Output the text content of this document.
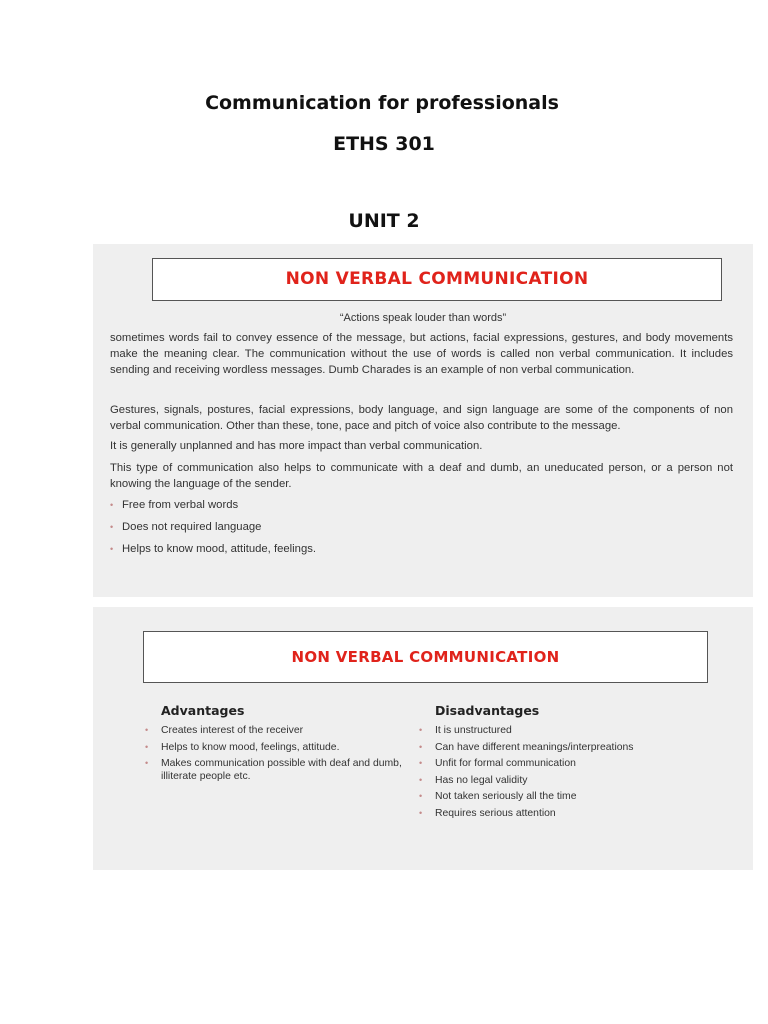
Communication for professionals
ETHS 301
UNIT 2
NON VERBAL COMMUNICATION

“Actions speak louder than words”

sometimes words fail to convey essence of the message, but actions, facial expressions, gestures, and body movements make the meaning clear. The communication without the use of words is called non verbal communication. It includes sending and receiving wordless messages. Dumb Charades is an example of non verbal communication.

Gestures, signals, postures, facial expressions, body language, and sign language are some of the components of non verbal communication. Other than these, tone, pace and pitch of voice also contribute to the message.

It is generally unplanned and has more impact than verbal communication.

This type of communication also helps to communicate with a deaf and dumb, an uneducated person, or a person not knowing the language of the sender.

• Free from verbal words
• Does not required language
• Helps to know mood, attitude, feelings.
NON VERBAL COMMUNICATION
Advantages
•	Creates interest of the receiver
•	Helps to know mood, feelings, attitude.
•	Makes communication possible with deaf and dumb, illiterate people etc.
Disadvantages
•	It is unstructured
•	Can have different meanings/interpreations
•	Unfit for formal communication
•	Has no legal validity
•	Not taken seriously all the time
•	Requires serious attention
